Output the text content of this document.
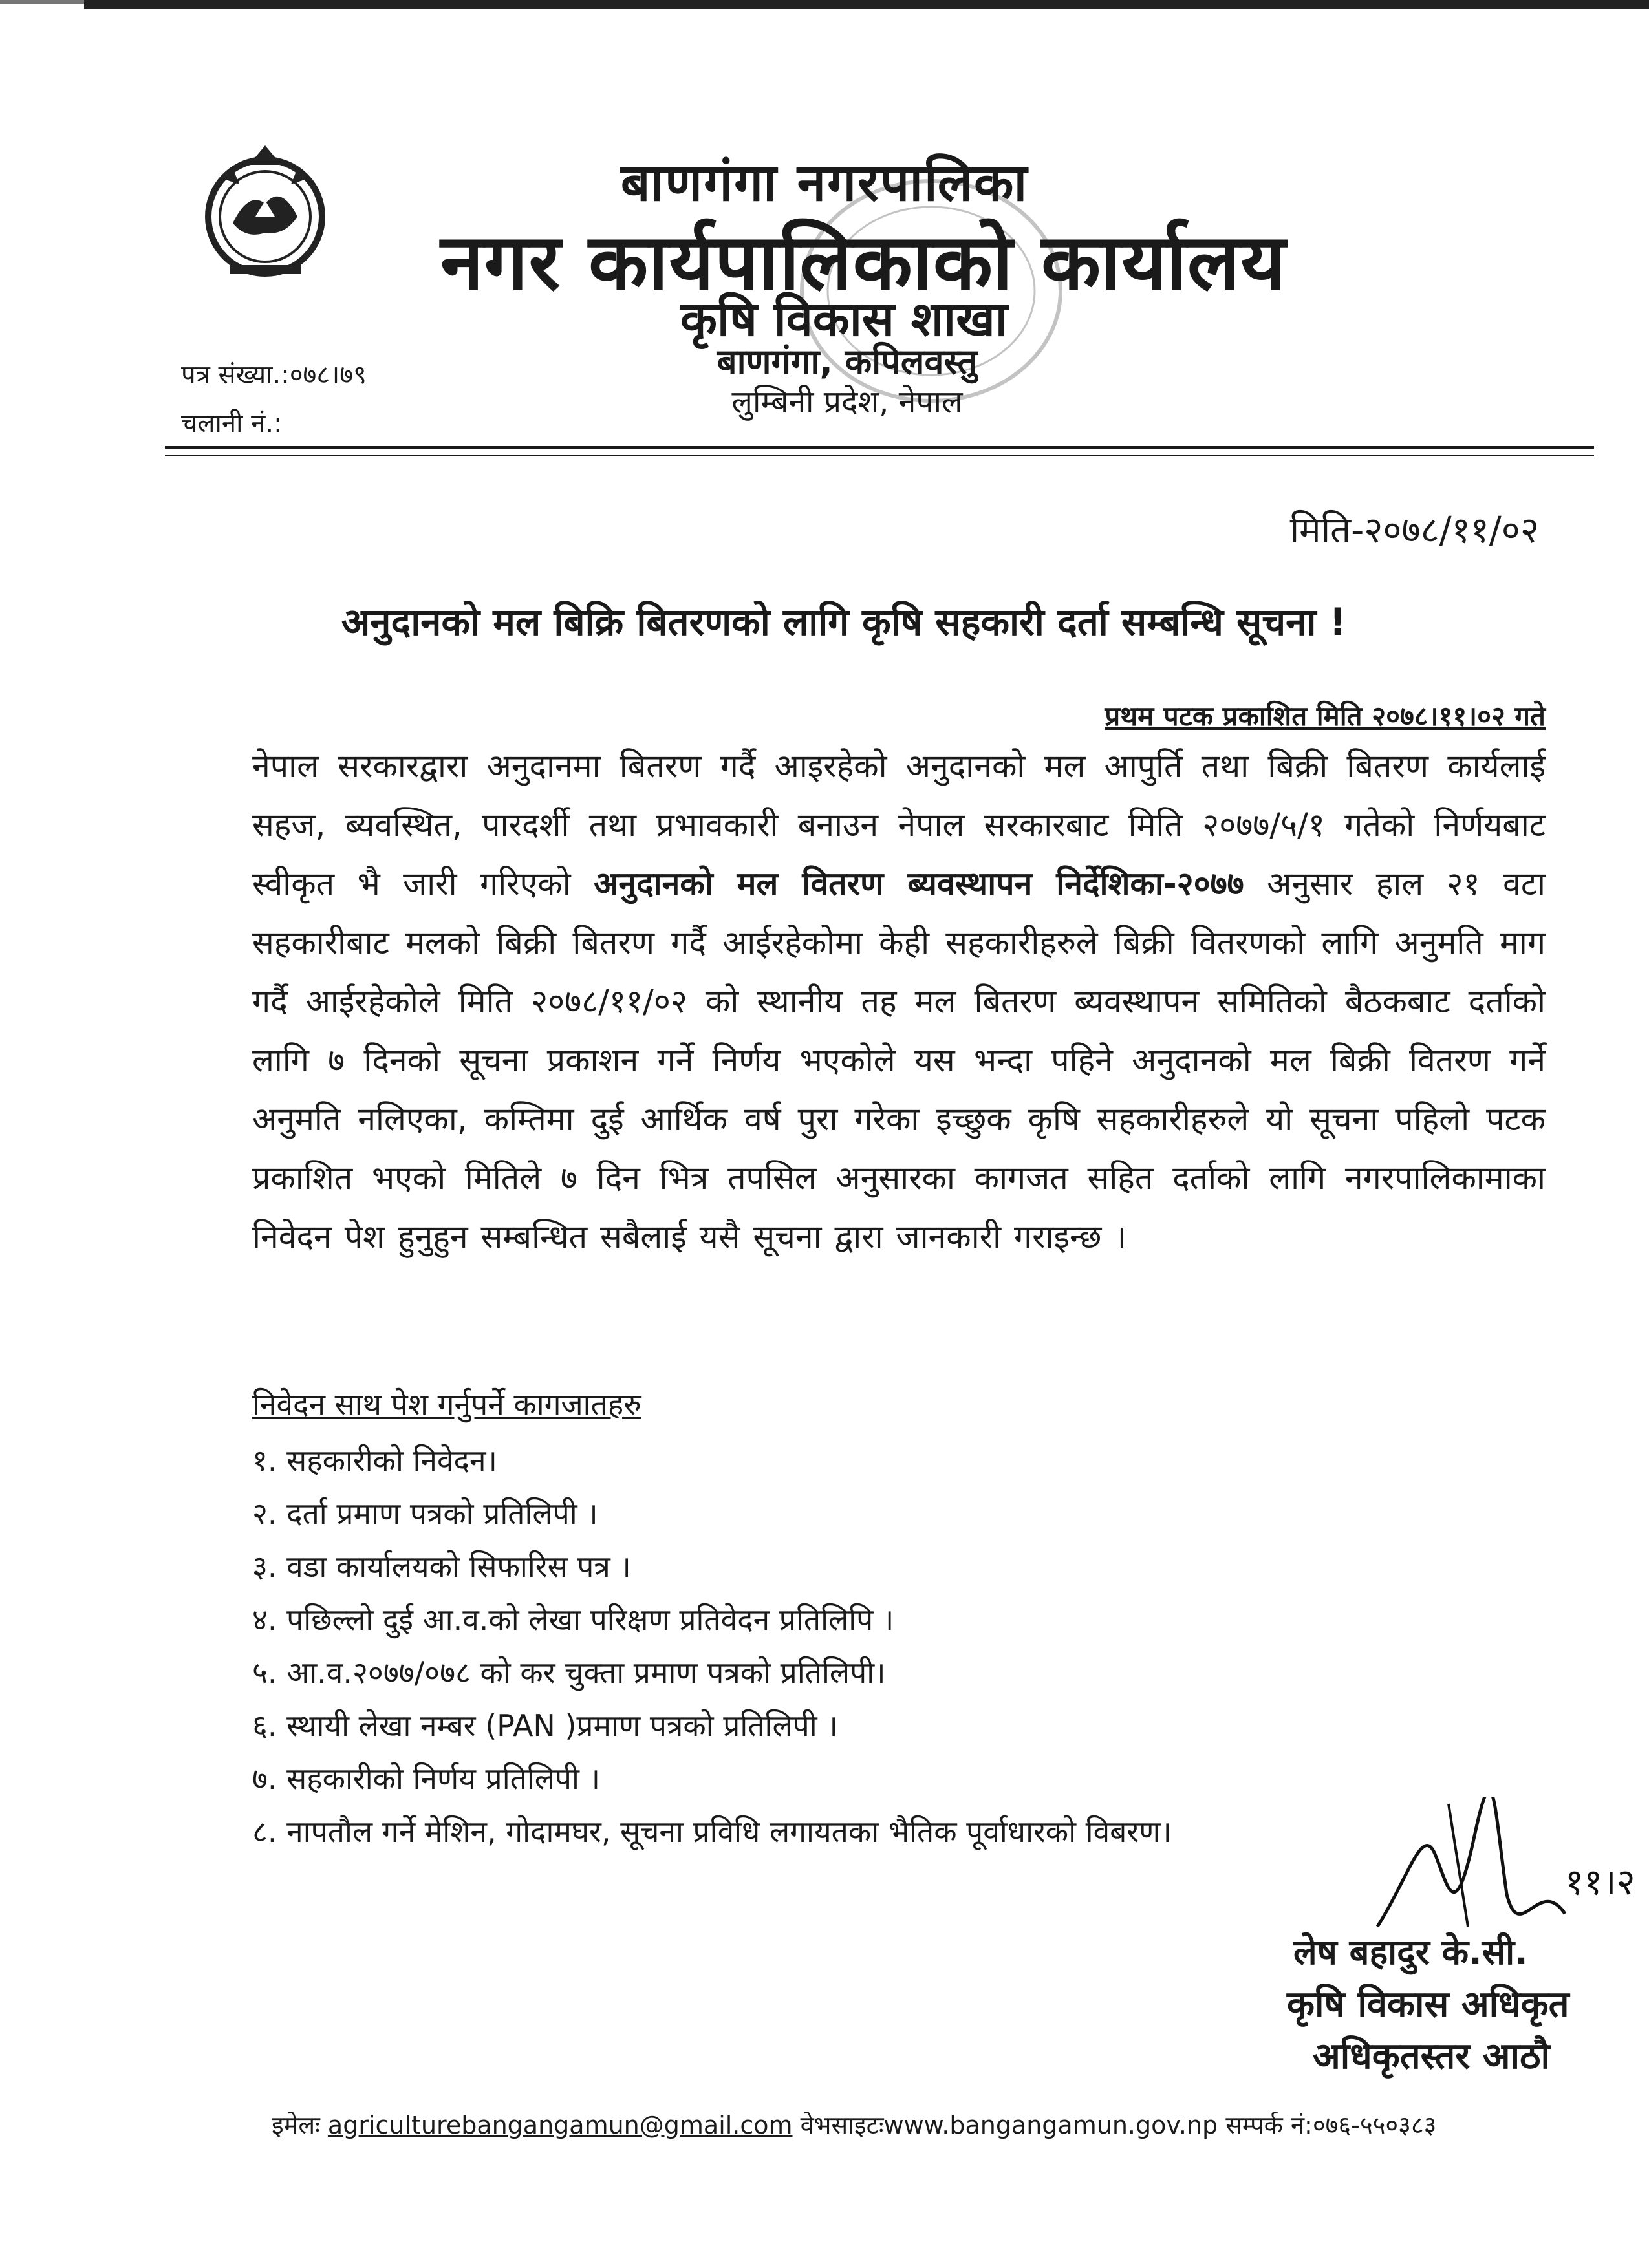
बाणगंगा नगरपालिका
नगर कार्यपालिकाको कार्यालय
कृषि विकास शाखा
बाणगंगा, कपिलवस्तु
लुम्बिनी प्रदेश, नेपाल
पत्र संख्या.:०७८।७९
चलानी नं.:
मिति-२०७८/११/०२
अनुदानको मल बिक्रि बितरणको लागि कृषि सहकारी दर्ता सम्बन्धि सूचना !
प्रथम पटक प्रकाशित मिति २०७८।११।०२ गते
नेपाल सरकारद्वारा अनुदानमा बितरण गर्दै आइरहेको अनुदानको मल आपुर्ति तथा बिक्री बितरण कार्यलाई सहज, ब्यवस्थित, पारदर्शी तथा प्रभावकारी बनाउन नेपाल सरकारबाट मिति २०७७/५/१ गतेको निर्णयबाट स्वीकृत भै जारी गरिएको अनुदानको मल वितरण ब्यवस्थापन निर्देशिका-२०७७ अनुसार हाल २१ वटा सहकारीबाट मलको बिक्री बितरण गर्दै आईरहेकोमा केही सहकारीहरुले बिक्री वितरणको लागि अनुमति माग गर्दै आईरहेकोले मिति २०७८/११/०२ को स्थानीय तह मल बितरण ब्यवस्थापन समितिको बैठकबाट दर्ताको लागि ७ दिनको सूचना प्रकाशन गर्ने निर्णय भएकोले यस भन्दा पहिने अनुदानको मल बिक्री वितरण गर्ने अनुमति नलिएका, कम्तिमा दुई आर्थिक वर्ष पुरा गरेका इच्छुक कृषि सहकारीहरुले यो सूचना पहिलो पटक प्रकाशित भएको मितिले ७ दिन भित्र तपसिल अनुसारका कागजत सहित दर्ताको लागि नगरपालिकामाका निवेदन पेश हुनुहुन सम्बन्धित सबैलाई यसै सूचना द्वारा जानकारी गराइन्छ ।
निवेदन साथ पेश गर्नुपर्ने कागजातहरु
१. सहकारीको निवेदन।
२. दर्ता प्रमाण पत्रको प्रतिलिपी ।
३. वडा कार्यालयको सिफारिस पत्र ।
४. पछिल्लो दुई आ.व.को लेखा परिक्षण प्रतिवेदन प्रतिलिपि ।
५. आ.व.२०७७/०७८ को कर चुक्ता प्रमाण पत्रको प्रतिलिपी।
६. स्थायी लेखा नम्बर (PAN )प्रमाण पत्रको प्रतिलिपी ।
७. सहकारीको निर्णय प्रतिलिपी ।
८. नापतौल गर्ने मेशिन, गोदामघर, सूचना प्रविधि लगायतका भैतिक पूर्वाधारको विबरण।
११।२
लेष बहादुर के.सी.
कृषि विकास अधिकृत
अधिकृतस्तर आठौ
इमेलः agriculturebangangamun@gmail.com वेभसाइटःwww.bangangamun.gov.np सम्पर्क नं:०७६-५५०३८३
